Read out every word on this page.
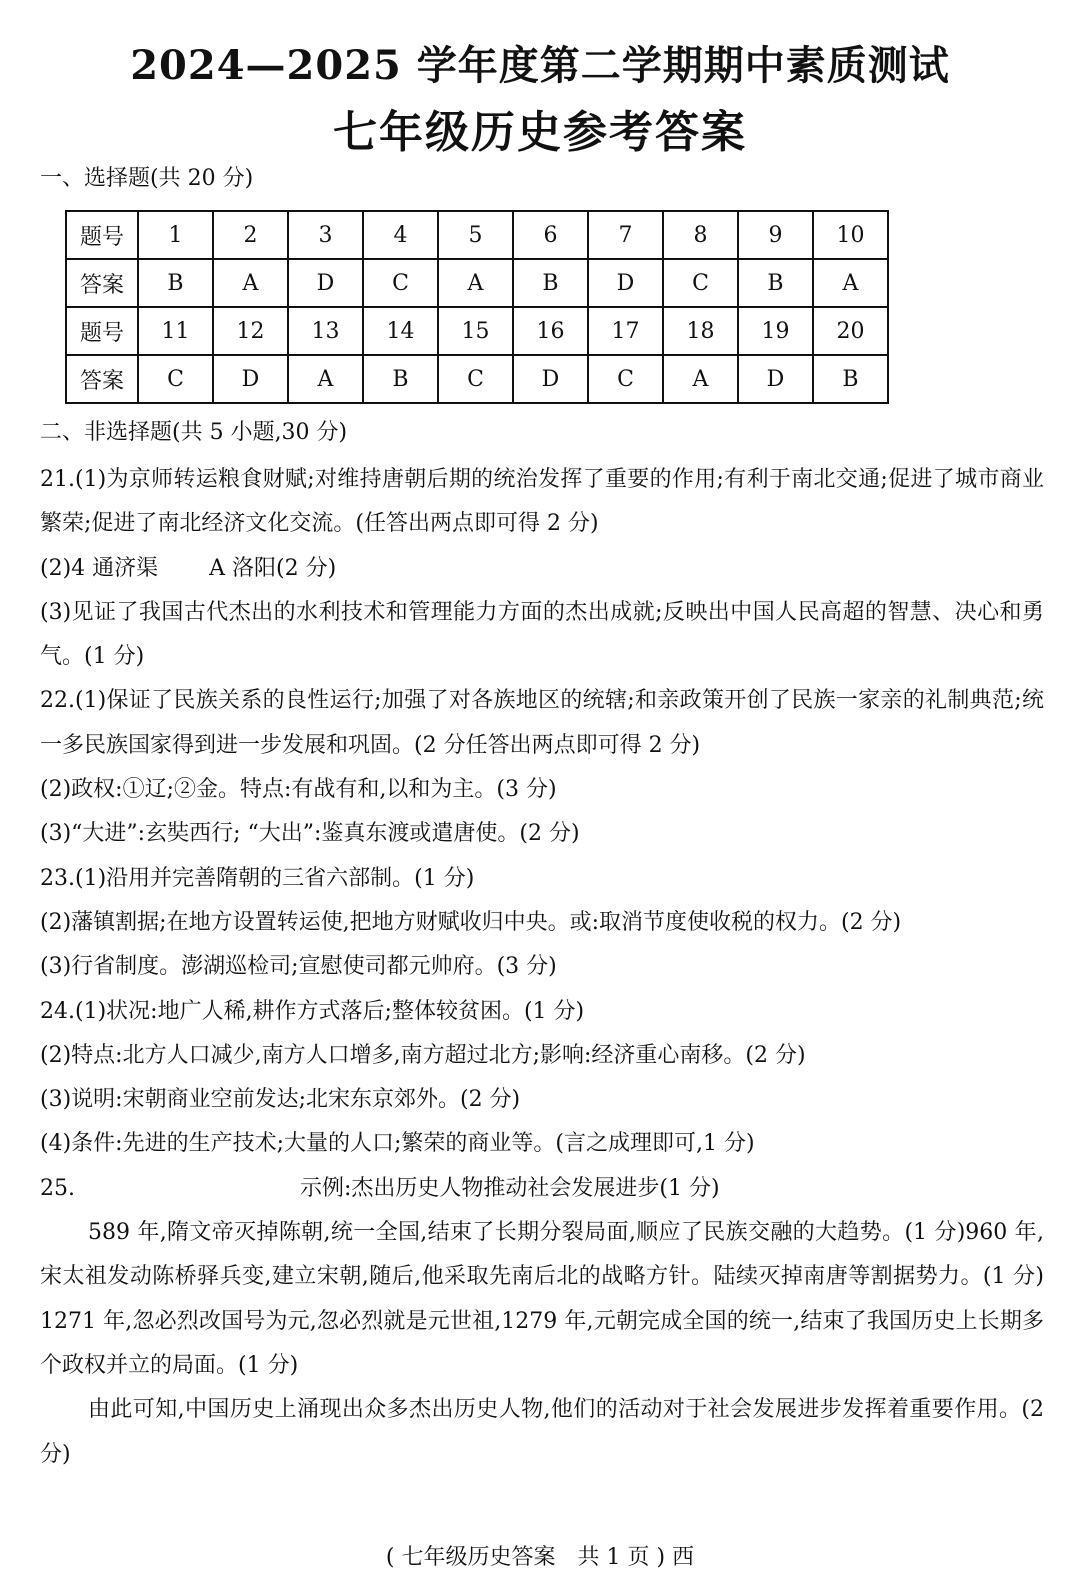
2024—2025 学年度第二学期期中素质测试
七年级历史参考答案
一、选择题(共 20 分)
题号	1	2	3	4	5	6	7	8	9	10
答案	B	A	D	C	A	B	D	C	B	A
题号	11	12	13	14	15	16	17	18	19	20
答案	C	D	A	B	C	D	C	A	D	B
二、非选择题(共 5 小题,30 分)

21.(1)为京师转运粮食财赋;对维持唐朝后期的统治发挥了重要的作用;有利于南北交通;促进了城市商业繁荣;促进了南北经济文化交流。(任答出两点即可得 2 分)

(2)4 通济渠　　 A 洛阳(2 分)

(3)见证了我国古代杰出的水利技术和管理能力方面的杰出成就;反映出中国人民高超的智慧、决心和勇气。(1 分)

22.(1)保证了民族关系的良性运行;加强了对各族地区的统辖;和亲政策开创了民族一家亲的礼制典范;统一多民族国家得到进一步发展和巩固。(2 分任答出两点即可得 2 分)

(2)政权:①辽;②金。特点:有战有和,以和为主。(3 分)

(3)“大进”:玄奘西行; “大出”:鉴真东渡或遣唐使。(2 分)

23.(1)沿用并完善隋朝的三省六部制。(1 分)

(2)藩镇割据;在地方设置转运使,把地方财赋收归中央。或:取消节度使收税的权力。(2 分)

(3)行省制度。澎湖巡检司;宣慰使司都元帅府。(3 分)

24.(1)状况:地广人稀,耕作方式落后;整体较贫困。(1 分)

(2)特点:北方人口减少,南方人口增多,南方超过北方;影响:经济重心南移。(2 分)

(3)说明:宋朝商业空前发达;北宋东京郊外。(2 分)

(4)条件:先进的生产技术;大量的人口;繁荣的商业等。(言之成理即可,1 分)

25.	示例:杰出历史人物推动社会发展进步(1 分)

589 年,隋文帝灭掉陈朝,统一全国,结束了长期分裂局面,顺应了民族交融的大趋势。(1 分)960 年,宋太祖发动陈桥驿兵变,建立宋朝,随后,他采取先南后北的战略方针。陆续灭掉南唐等割据势力。(1 分) 1271 年,忽必烈改国号为元,忽必烈就是元世祖,1279 年,元朝完成全国的统一,结束了我国历史上长期多个政权并立的局面。(1 分)

由此可知,中国历史上涌现出众多杰出历史人物,他们的活动对于社会发展进步发挥着重要作用。(2 分)

( 七年级历史答案　共 1 页 ) 西
